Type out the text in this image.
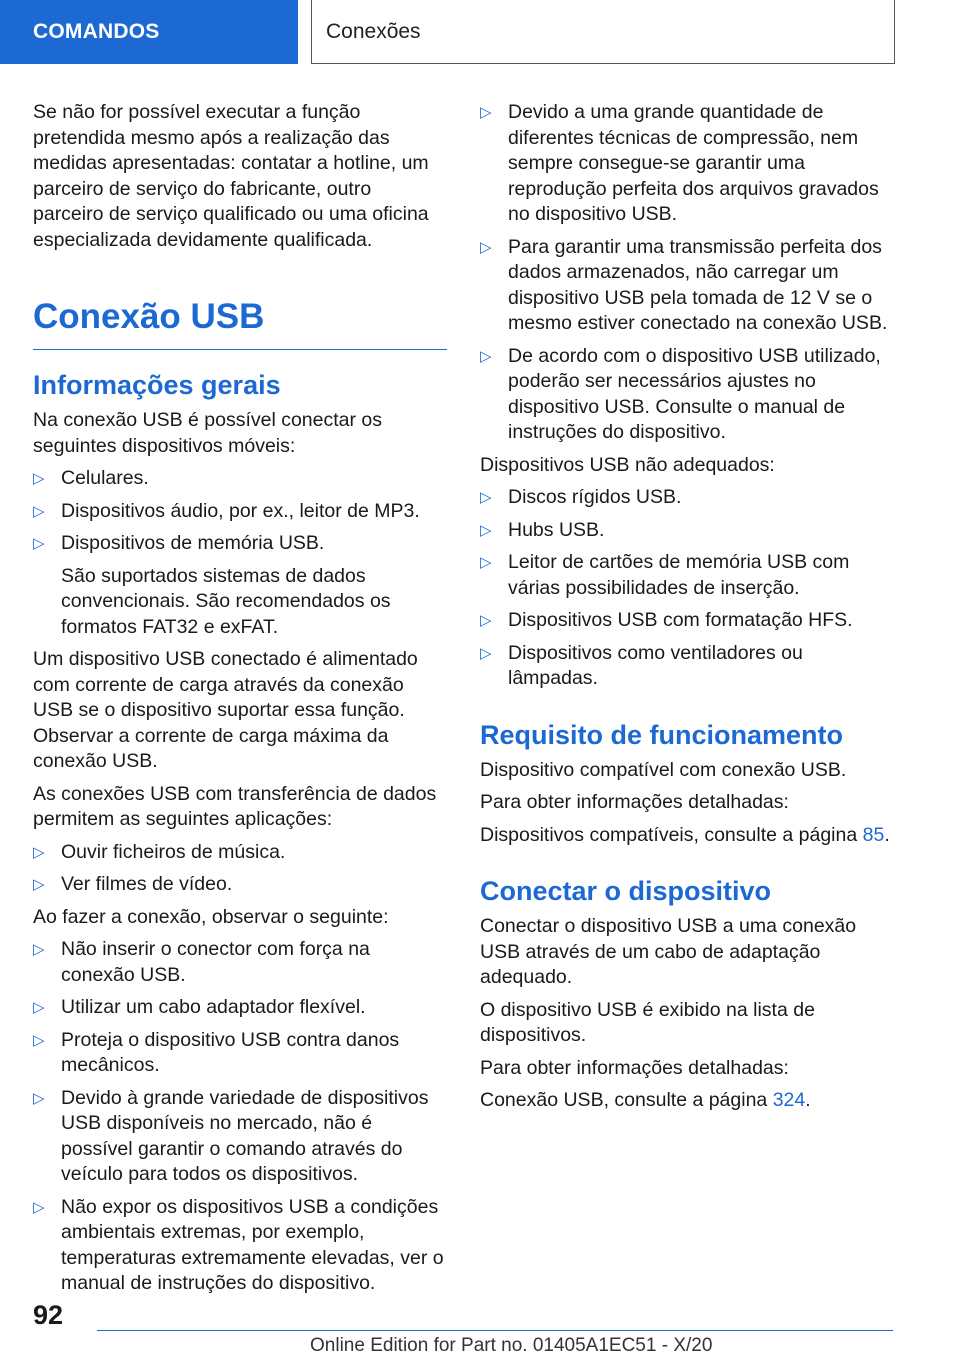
COMANDOS	Conexões

Se não for possível executar a função pretendida mesmo após a realização das medidas apresentadas: contatar a hotline, um parceiro de serviço do fabricante, outro parceiro de serviço qualificado ou uma oficina especializada devidamente qualificada.

Conexão USB
Informações gerais

Na conexão USB é possível conectar os seguintes dispositivos móveis:

▷ Celulares.
▷ Dispositivos áudio, por ex., leitor de MP3.
▷ Dispositivos de memória USB.
São suportados sistemas de dados convencionais. São recomendados os formatos FAT32 e exFAT.

Um dispositivo USB conectado é alimentado com corrente de carga através da conexão USB se o dispositivo suportar essa função. Observar a corrente de carga máxima da conexão USB.

As conexões USB com transferência de dados permitem as seguintes aplicações:

▷ Ouvir ficheiros de música.
▷ Ver filmes de vídeo.

Ao fazer a conexão, observar o seguinte:

▷ Não inserir o conector com força na conexão USB.
▷ Utilizar um cabo adaptador flexível.
▷ Proteja o dispositivo USB contra danos mecânicos.
▷ Devido à grande variedade de dispositivos USB disponíveis no mercado, não é possível garantir o comando através do veículo para todos os dispositivos.
▷ Não expor os dispositivos USB a condições ambientais extremas, por exemplo, temperaturas extremamente elevadas, ver o manual de instruções do dispositivo.
▷ Devido a uma grande quantidade de diferentes técnicas de compressão, nem sempre consegue-se garantir uma reprodução perfeita dos arquivos gravados no dispositivo USB.
▷ Para garantir uma transmissão perfeita dos dados armazenados, não carregar um dispositivo USB pela tomada de 12 V se o mesmo estiver conectado na conexão USB.
▷ De acordo com o dispositivo USB utilizado, poderão ser necessários ajustes no dispositivo USB. Consulte o manual de instruções do dispositivo.

Dispositivos USB não adequados:

▷ Discos rígidos USB.
▷ Hubs USB.
▷ Leitor de cartões de memória USB com várias possibilidades de inserção.
▷ Dispositivos USB com formatação HFS.
▷ Dispositivos como ventiladores ou lâmpadas.
Requisito de funcionamento

Dispositivo compatível com conexão USB.

Para obter informações detalhadas:

Dispositivos compatíveis, consulte a página 85.

Conectar o dispositivo

Conectar o dispositivo USB a uma conexão USB através de um cabo de adaptação adequado.

O dispositivo USB é exibido na lista de dispositivos.

Para obter informações detalhadas:

Conexão USB, consulte a página 324.

92
Online Edition for Part no. 01405A1EC51 - X/20
